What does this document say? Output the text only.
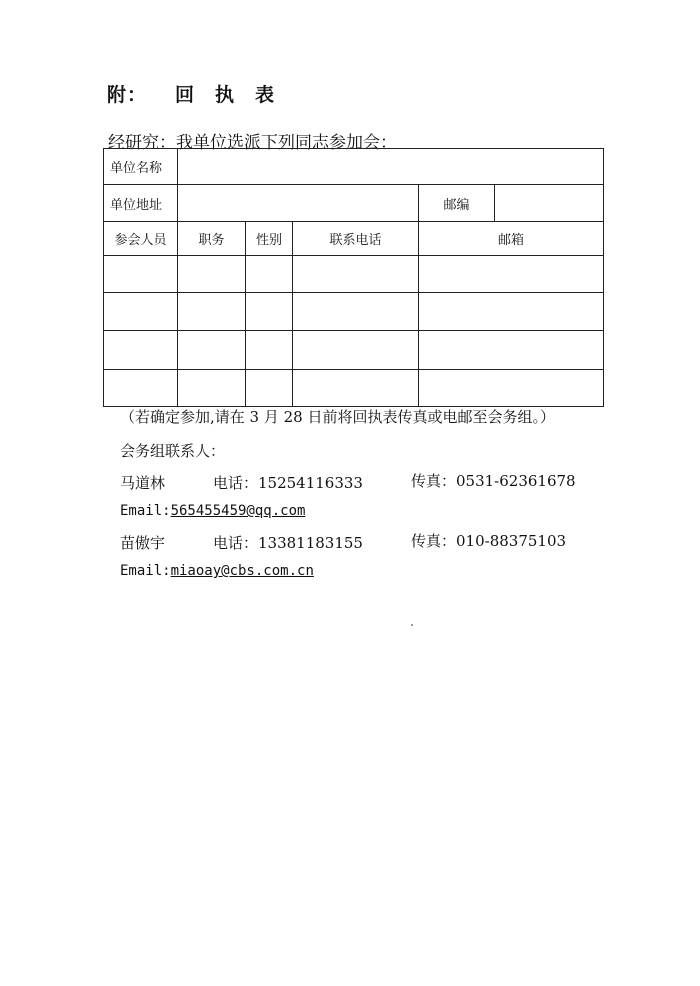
附： 回　执　表
经研究：我单位选派下列同志参加会：
单位名称					
单位地址				邮编	
参会人员	职务	性别	联系电话	邮箱	

（若确定参加,请在 3 月 28 日前将回执表传真或电邮至会务组。）
会务组联系人：
马道林	电话：15254116333	传真：0531-62361678
Email:565455459@qq.com
苗傲宇	电话：13381183155	传真：010-88375103
Email:miaoay@cbs.com.cn
